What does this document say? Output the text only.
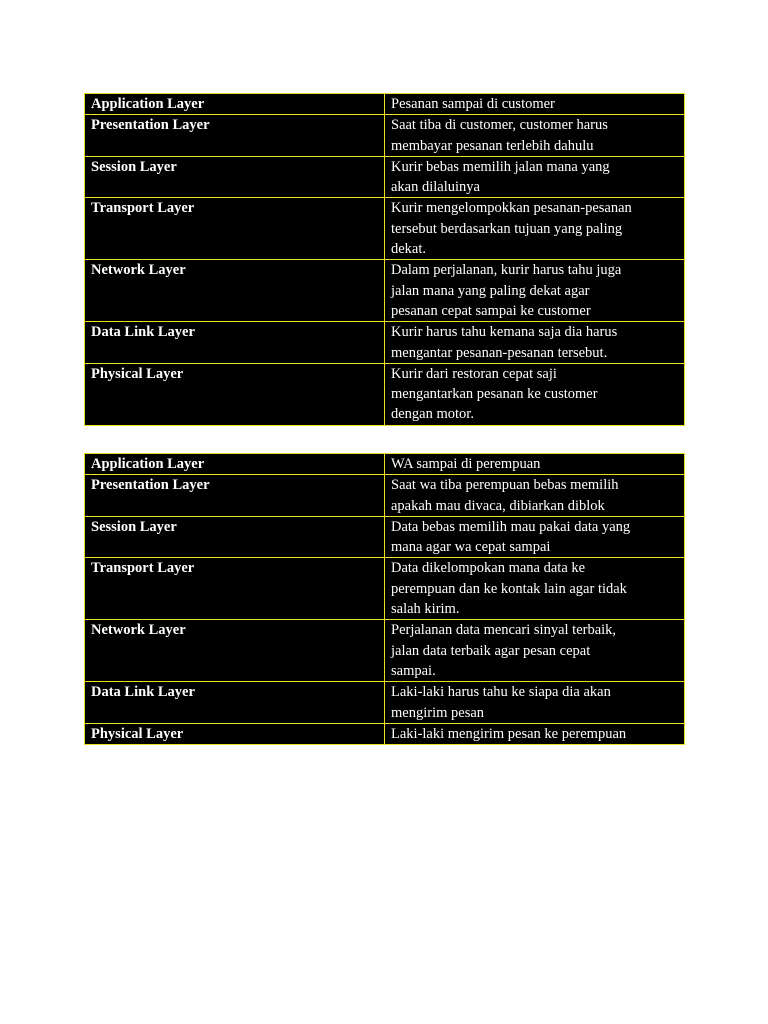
Application Layer	Pesanan sampai di customer
Presentation Layer	Saat tiba di customer, customer harus
membayar pesanan terlebih dahulu
Session Layer	Kurir bebas memilih jalan mana yang
akan dilaluinya
Transport Layer	Kurir mengelompokkan pesanan-pesanan
tersebut berdasarkan tujuan yang paling
dekat.
Network Layer	Dalam perjalanan, kurir harus tahu juga
jalan mana yang paling dekat agar
pesanan cepat sampai ke customer
Data Link Layer	Kurir harus tahu kemana saja dia harus
mengantar pesanan-pesanan tersebut.
Physical Layer	Kurir dari restoran cepat saji
mengantarkan pesanan ke customer
dengan motor.
Application Layer	WA sampai di perempuan
Presentation Layer	Saat wa tiba perempuan bebas memilih
apakah mau divaca, dibiarkan diblok
Session Layer	Data bebas memilih mau pakai data yang
mana agar wa cepat sampai
Transport Layer	Data dikelompokan mana data ke
perempuan dan ke kontak lain agar tidak
salah kirim.
Network Layer	Perjalanan data mencari sinyal terbaik,
jalan data terbaik agar pesan cepat
sampai.
Data Link Layer	Laki-laki harus tahu ke siapa dia akan
mengirim pesan
Physical Layer	Laki-laki mengirim pesan ke perempuan
